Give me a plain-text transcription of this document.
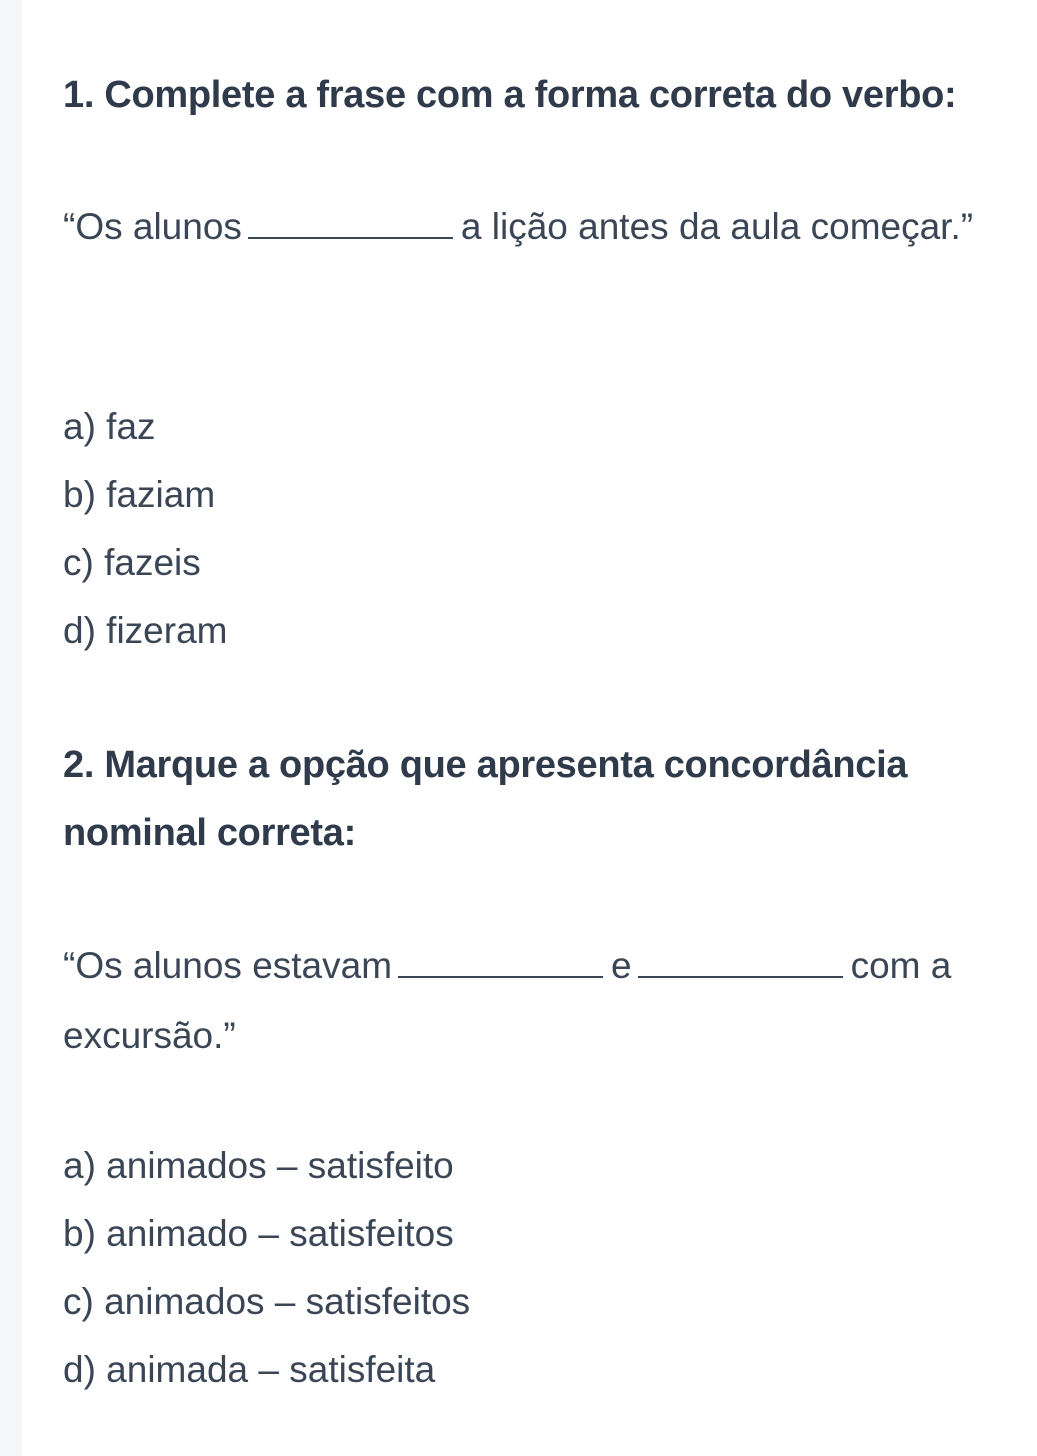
1. Complete a frase com a forma correta do verbo:

“Os alunos	a lição antes da aula começar.”

a) faz
b) faziam
c) fazeis
d) fizeram
2. Marque a opção que apresenta concordância nominal correta:

“Os alunos estavam	e	com a excursão.”

a) animados – satisfeito
b) animado – satisfeitos
c) animados – satisfeitos
d) animada – satisfeita
